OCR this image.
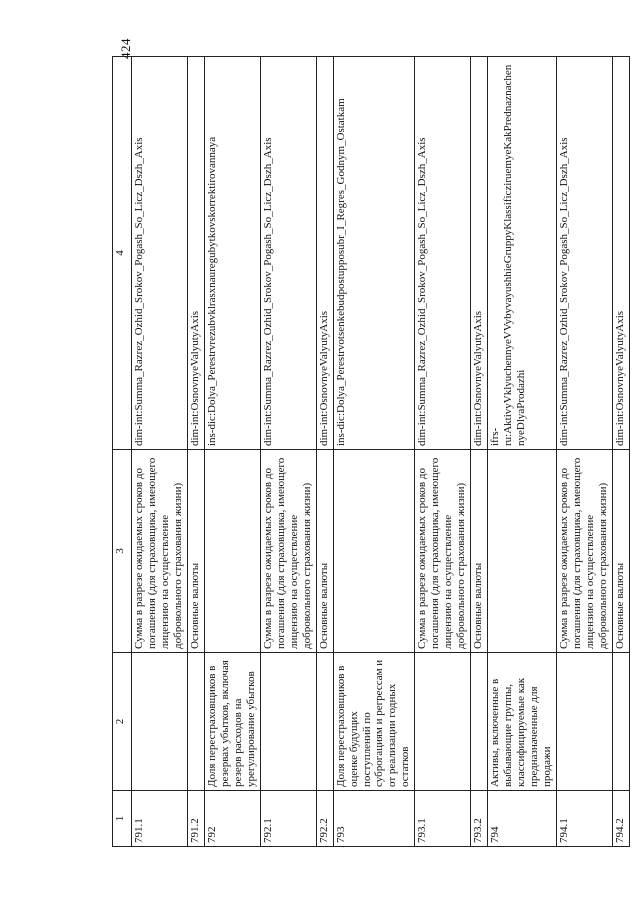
424
1	2	3	4
791.1		Сумма в разрезе ожидаемых сроков до погашения (для страховщика, имеющего лицензию на осуществление добровольного страхования жизни)	dim-int:Summa_Razrez_Ozhid_Srokov_Pogash_So_Licz_Dszh_Axis
791.2		Основные валюты	dim-int:OsnovnyeValyutyAxis
792	Доля перестраховщиков в резервах убытков, включая резерв расходов на урегулирование убытков		ins-dic:Dolya_Perestrvrezubvklrasxnauregubytkovskorrektirovannaya
792.1		Сумма в разрезе ожидаемых сроков до погашения (для страховщика, имеющего лицензию на осуществление добровольного страхования жизни)	dim-int:Summa_Razrez_Ozhid_Srokov_Pogash_So_Licz_Dszh_Axis
792.2		Основные валюты	dim-int:OsnovnyeValyutyAxis
793	Доля перестраховщиков в оценке будущих поступлений по суброгациям и регрессам и от реализации годных остатков		ins-dic:Dolya_Perestrvotsenkebudpostupposubr_I_Regres_Godnym_Ostatkam
793.1		Сумма в разрезе ожидаемых сроков до погашения (для страховщика, имеющего лицензию на осуществление добровольного страхования жизни)	dim-int:Summa_Razrez_Ozhid_Srokov_Pogash_So_Licz_Dszh_Axis
793.2		Основные валюты	dim-int:OsnovnyeValyutyAxis
794	Активы, включенные в выбывающие группы, классифицируемые как предназначенные для продажи		ifrs-ru:AktivyVklyuchennyeVVybyvayushhieGruppyKlassificziruemyeKakPrednaznachennyeDlyaProdazhi
794.1		Сумма в разрезе ожидаемых сроков до погашения (для страховщика, имеющего лицензию на осуществление добровольного страхования жизни)	dim-int:Summa_Razrez_Ozhid_Srokov_Pogash_So_Licz_Dszh_Axis
794.2		Основные валюты	dim-int:OsnovnyeValyutyAxis
